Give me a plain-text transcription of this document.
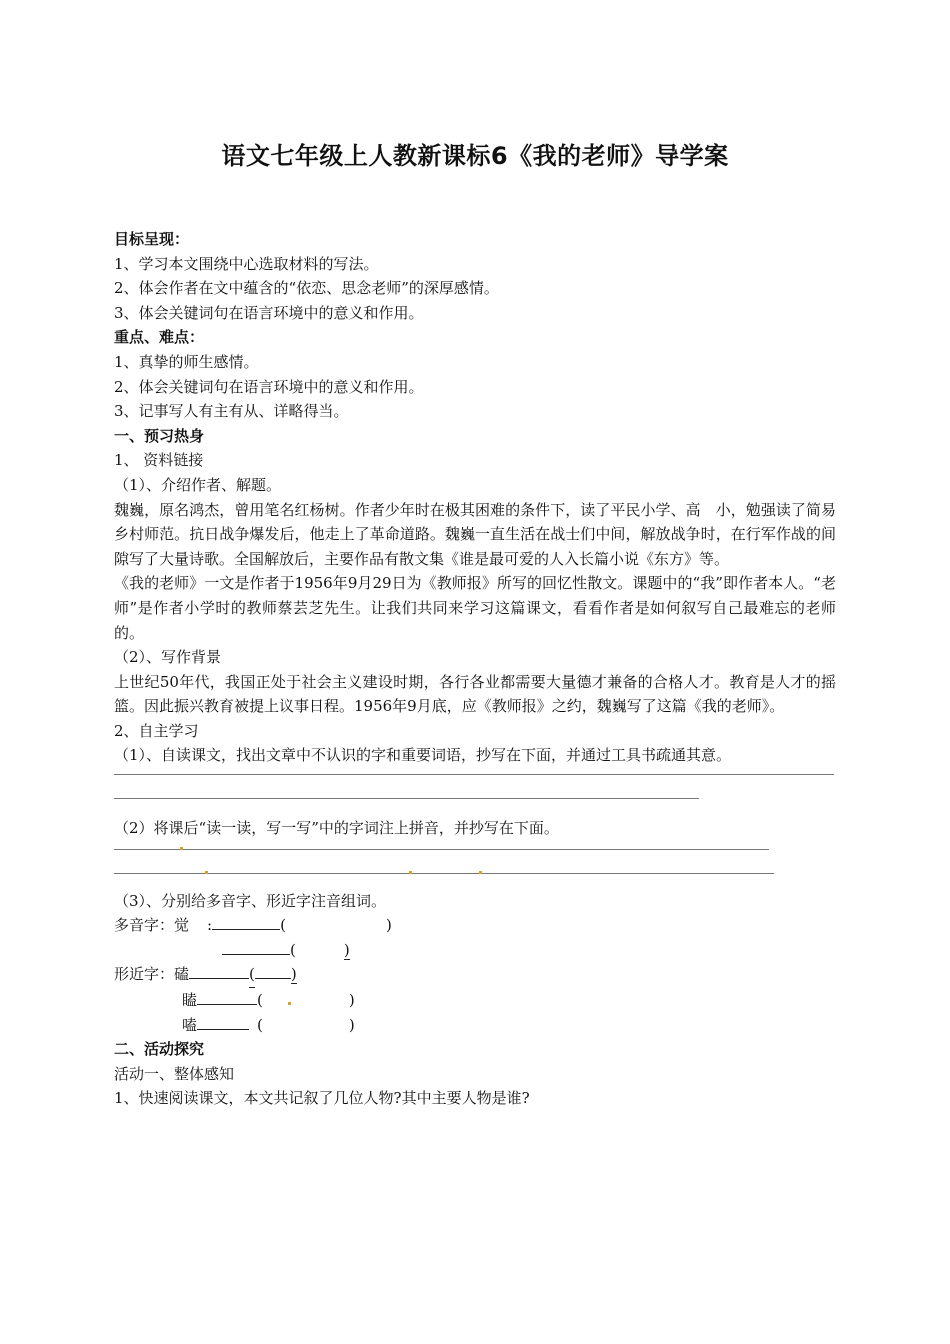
语文七年级上人教新课标6《我的老师》导学案
目标呈现：
1、学习本文围绕中心选取材料的写法。
2、体会作者在文中蕴含的“依恋、思念老师”的深厚感情。
3、体会关键词句在语言环境中的意义和作用。
重点、难点：
1、真挚的师生感情。
2、体会关键词句在语言环境中的意义和作用。
3、记事写人有主有从、详略得当。
一、预习热身
1、 资料链接
（1）、介绍作者、解题。
魏巍，原名鸿杰，曾用笔名红杨树。作者少年时在极其困难的条件下，读了平民小学、高　小，勉强读了简易乡村师范。抗日战争爆发后，他走上了革命道路。魏巍一直生活在战士们中间，解放战争时，在行军作战的间隙写了大量诗歌。全国解放后，主要作品有散文集《谁是最可爱的人入长篇小说《东方》等。
《我的老师》一文是作者于1956年9月29日为《教师报》所写的回忆性散文。课题中的“我”即作者本人。“老师”是作者小学时的教师蔡芸芝先生。让我们共同来学习这篇课文，看看作者是如何叙写自己最难忘的老师的。
（2）、写作背景
上世纪50年代，我国正处于社会主义建设时期，各行各业都需要大量德才兼备的合格人才。教育是人才的摇篮。因此振兴教育被提上议事日程。1956年9月底，应《教师报》之约，魏巍写了这篇《我的老师》。
2、自主学习
（1）、自读课文，找出文章中不认识的字和重要词语，抄写在下面，并通过工具书疏通其意。
（2）将课后“读一读，写一写”中的字词注上拼音，并抄写在下面。
（3）、分别给多音字、形近字注音组词。
多音字：觉 :	(	)
(	)
形近字：磕	( )
瞌	(	)
嗑	(	)
二、活动探究
活动一、整体感知
1、快速阅读课文，本文共记叙了几位人物?其中主要人物是谁?
